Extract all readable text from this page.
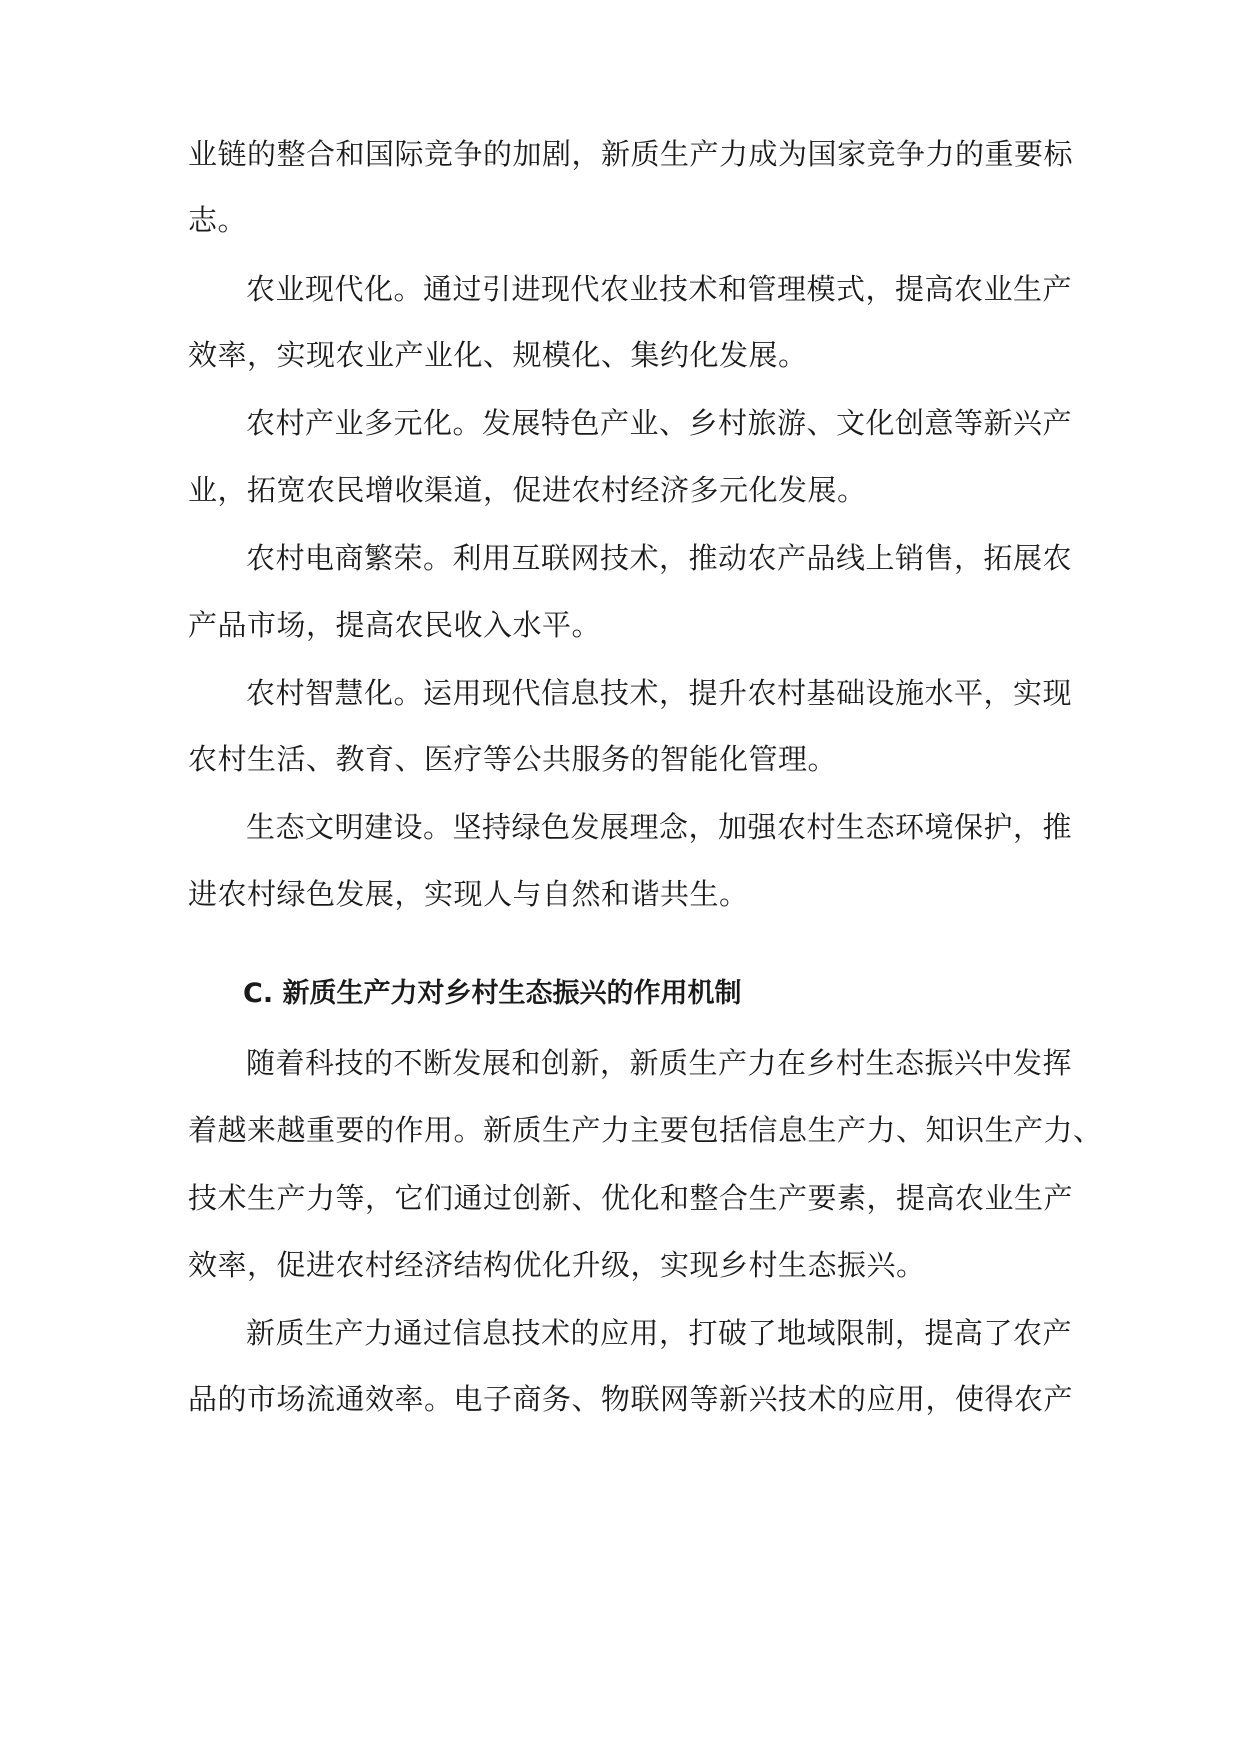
业链的整合和国际竞争的加剧，新质生产力成为国家竞争力的重要标
志。
农业现代化。通过引进现代农业技术和管理模式，提高农业生产
效率，实现农业产业化、规模化、集约化发展。
农村产业多元化。发展特色产业、乡村旅游、文化创意等新兴产
业，拓宽农民增收渠道，促进农村经济多元化发展。
农村电商繁荣。利用互联网技术，推动农产品线上销售，拓展农
产品市场，提高农民收入水平。
农村智慧化。运用现代信息技术，提升农村基础设施水平，实现
农村生活、教育、医疗等公共服务的智能化管理。
生态文明建设。坚持绿色发展理念，加强农村生态环境保护，推
进农村绿色发展，实现人与自然和谐共生。
C. 新质生产力对乡村生态振兴的作用机制
随着科技的不断发展和创新，新质生产力在乡村生态振兴中发挥
着越来越重要的作用。新质生产力主要包括信息生产力、知识生产力、
技术生产力等，它们通过创新、优化和整合生产要素，提高农业生产
效率，促进农村经济结构优化升级，实现乡村生态振兴。
新质生产力通过信息技术的应用，打破了地域限制，提高了农产
品的市场流通效率。电子商务、物联网等新兴技术的应用，使得农产
